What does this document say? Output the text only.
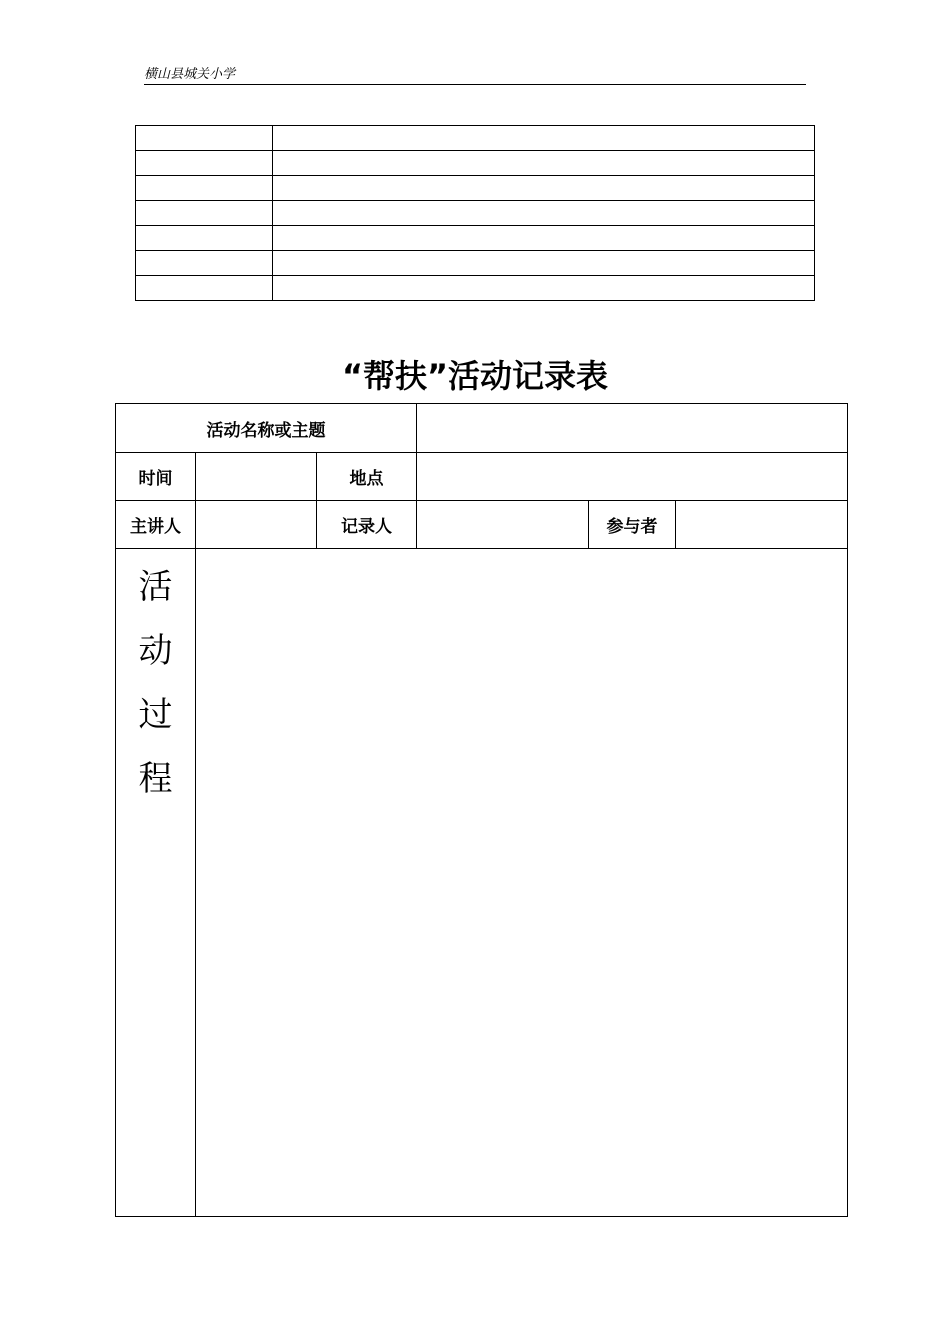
横山县城关小学

“帮扶”活动记录表
活动名称或主题					
时间		地点			
主讲人		记录人		参与者	

活
动
过
程					
